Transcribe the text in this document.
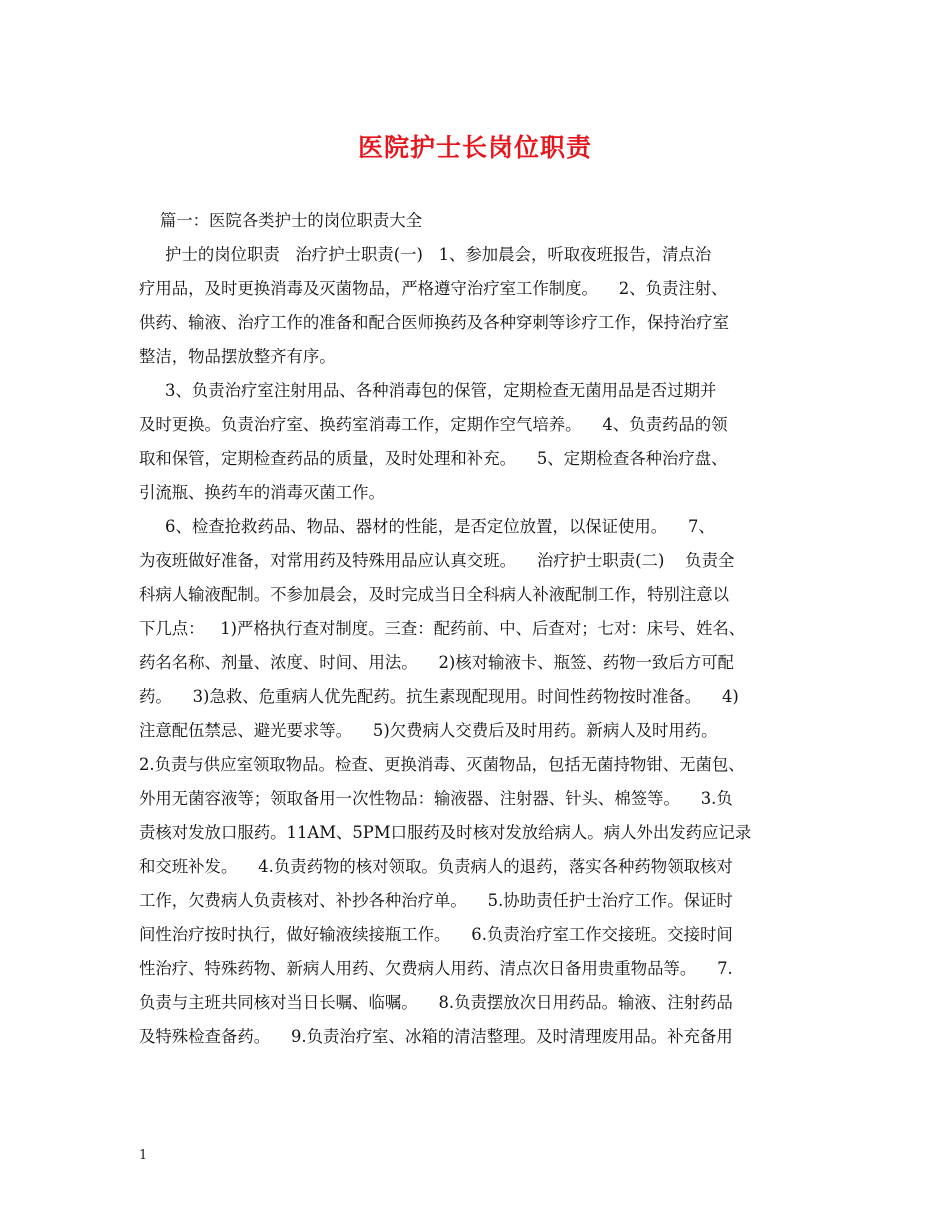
医院护士长岗位职责
篇一：医院各类护士的岗位职责大全
护士的岗位职责   治疗护士职责(一)   1、参加晨会，听取夜班报告，清点治
疗用品，及时更换消毒及灭菌物品，严格遵守治疗室工作制度。    2、负责注射、
供药、输液、治疗工作的准备和配合医师换药及各种穿刺等诊疗工作，保持治疗室
整洁，物品摆放整齐有序。
3、负责治疗室注射用品、各种消毒包的保管，定期检查无菌用品是否过期并
及时更换。负责治疗室、换药室消毒工作，定期作空气培养。    4、负责药品的领
取和保管，定期检查药品的质量，及时处理和补充。    5、定期检查各种治疗盘、
引流瓶、换药车的消毒灭菌工作。
6、检查抢救药品、物品、器材的性能，是否定位放置，以保证使用。    7、
为夜班做好准备，对常用药及特殊用品应认真交班。    治疗护士职责(二)    负责全
科病人输液配制。不参加晨会，及时完成当日全科病人补液配制工作，特别注意以
下几点：   1)严格执行查对制度。三查：配药前、中、后查对；七对：床号、姓名、
药名名称、剂量、浓度、时间、用法。    2)核对输液卡、瓶签、药物一致后方可配
药。    3)急救、危重病人优先配药。抗生素现配现用。时间性药物按时准备。    4)
注意配伍禁忌、避光要求等。    5)欠费病人交费后及时用药。新病人及时用药。
2.负责与供应室领取物品。检查、更换消毒、灭菌物品，包括无菌持物钳、无菌包、
外用无菌容液等；领取备用一次性物品：输液器、注射器、针头、棉签等。    3.负
责核对发放口服药。11AM、5PM口服药及时核对发放给病人。病人外出发药应记录
和交班补发。    4.负责药物的核对领取。负责病人的退药，落实各种药物领取核对
工作，欠费病人负责核对、补抄各种治疗单。    5.协助责任护士治疗工作。保证时
间性治疗按时执行，做好输液续接瓶工作。    6.负责治疗室工作交接班。交接时间
性治疗、特殊药物、新病人用药、欠费病人用药、清点次日备用贵重物品等。    7.
负责与主班共同核对当日长嘱、临嘱。    8.负责摆放次日用药品。输液、注射药品
及特殊检查备药。    9.负责治疗室、冰箱的清洁整理。及时清理废用品。补充备用
1
